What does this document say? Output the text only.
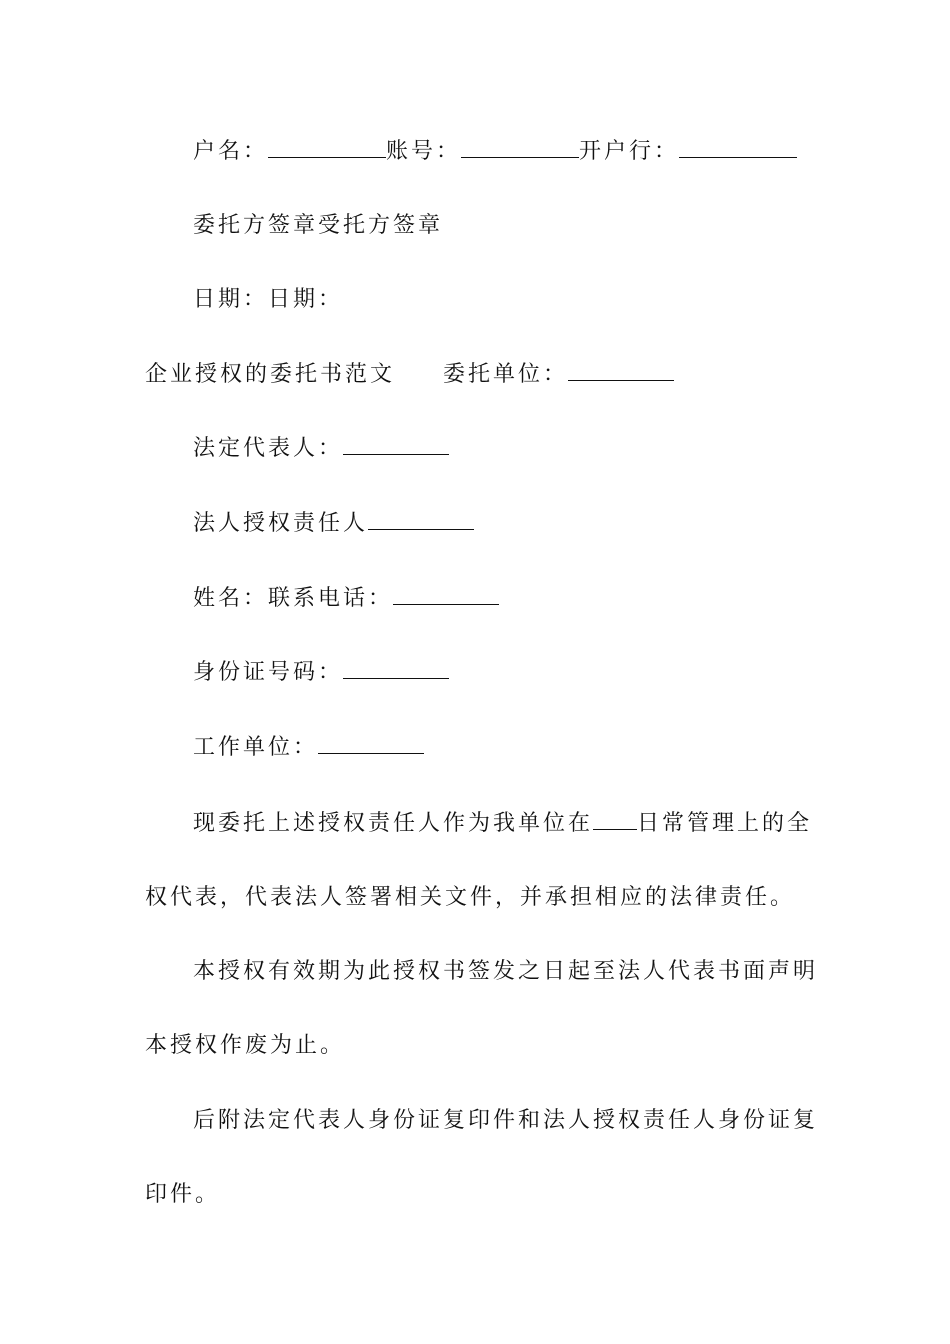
户名：	账号：	开户行：
委托方签章受托方签章
日期：日期：
企业授权的委托书范文 委托单位：
法定代表人：
法人授权责任人
姓名：联系电话：
身份证号码：
工作单位：
现委托上述授权责任人作为我单位在 日常管理上的全
权代表，代表法人签署相关文件，并承担相应的法律责任。
本授权有效期为此授权书签发之日起至法人代表书面声明
本授权作废为止。
后附法定代表人身份证复印件和法人授权责任人身份证复
印件。
